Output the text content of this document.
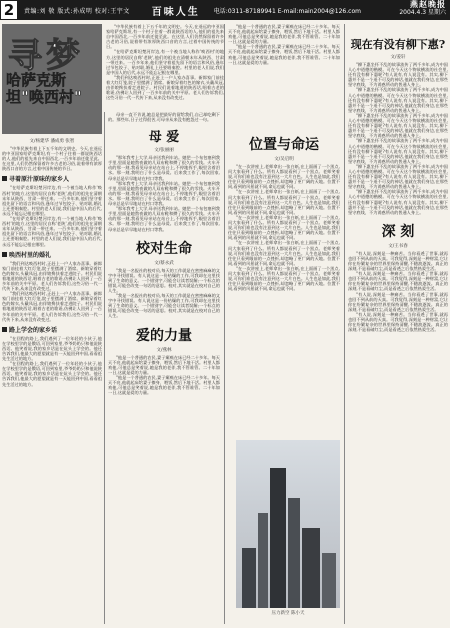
2	责编:刘 敬 版式:孙成明 校对:王宇文 百味人生 电话:0311-87189941 E-mail:main2004@126.com
燕赵晚报
2004.4.3 星期六
寻梦
哈萨克斯坦"唤西村"
文/杨建华 潘成勇 张智

"中华民族有着上下五千年的文明史。今天,在遥远的中亚国家哈萨克斯坦,有一个村子住着一群说陕西话的人,他们的祖先来自中国西北,一百多年前迁徙至此。在这里,人们仍然保留着许多古老的习俗,说着带有浓厚陕西口音的方言,过着中国传统的节日。

寻着原汁原味的家乡人

"在哈萨克斯坦楚河岸边,有一个被当地人称作'唤西村'的地方,这里的居民自称'老陕',他们的祖先在清朝末年从陕西、甘肃一带迁来。一百多年来,他们坚守着祖先留下的语言和风俗,逢年过节包饺子、贴对联,婚礼上还要唱秦腔。村里的老人们说,我们是中国人的后代,永远不能忘记根在哪里。

"在哈萨克斯坦楚河岸边,有一个被当地人称作'唤西村'的地方,这里的居民自称'老陕',他们的祖先在清朝末年从陕西、甘肃一带迁来。一百多年来,他们坚守着祖先留下的语言和风俗,逢年过节包饺子、贴对联,婚礼上还要唱秦腔。村里的老人们说,我们是中国人的后代,永远不能忘记根在哪里。

唤西村里的婚礼

"我们到达唤西村时,正赶上一户人家办喜事。新郎家门前挂着大红灯笼,院子里摆满了酒席。新娘穿着红色的嫁衣,头戴凤冠,由伴娘搀扶着走进院子。村民们说着地道的陕西话,唱着古老的歌谣,仿佛让人回到了一百多年前的关中平原。老人们告诉我们,这些习俗一代一代传下来,从来没有改变过。

"我们到达唤西村时,正赶上一户人家办喜事。新郎家门前挂着大红灯笼,院子里摆满了酒席。新娘穿着红色的嫁衣,头戴凤冠,由伴娘搀扶着走进院子。村民们说着地道的陕西话,唱着古老的歌谣,仿佛让人回到了一百多年前的关中平原。老人们告诉我们,这些习俗一代一代传下来,从来没有改变过。

路上学会的家乡话

"在回程的路上,我们遇到了一位年轻的小伙子,他在学校里学的是俄语,可回到家里,爷爷奶奶只和他说陕西话。他笑着说,我的家乡话是在炕头上学会的。他还告诉我们,他最大的愿望就是有一天能回到中国,看看祖先生活过的地方。

"在回程的路上,我们遇到了一位年轻的小伙子,他在学校里学的是俄语,可回到家里,爷爷奶奶只和他说陕西话。他笑着说,我的家乡话是在炕头上学会的。他还告诉我们,他最大的愿望就是有一天能回到中国,看看祖先生活过的地方。

"中华民族有着上下五千年的文明史。今天,在遥远的中亚国家哈萨克斯坦,有一个村子住着一群说陕西话的人,他们的祖先来自中国西北,一百多年前迁徙至此。在这里,人们仍然保留着许多古老的习俗,说着带有浓厚陕西口音的方言,过着中国传统的节日。

"在哈萨克斯坦楚河岸边,有一个被当地人称作'唤西村'的地方,这里的居民自称'老陕',他们的祖先在清朝末年从陕西、甘肃一带迁来。一百多年来,他们坚守着祖先留下的语言和风俗,逢年过节包饺子、贴对联,婚礼上还要唱秦腔。村里的老人们说,我们是中国人的后代,永远不能忘记根在哪里。

"我们到达唤西村时,正赶上一户人家办喜事。新郎家门前挂着大红灯笼,院子里摆满了酒席。新娘穿着红色的嫁衣,头戴凤冠,由伴娘搀扶着走进院子。村民们说着地道的陕西话,唱着古老的歌谣,仿佛让人回到了一百多年前的关中平原。老人们告诉我们,这些习俗一代一代传下来,从来没有改变过。

母亲一直不肯说,她总是把最好的留给我们,自己却吃剩下的。那些年,日子过得很苦,可母亲从来没有抱怨过一句。

母 爱
文/张丽丽

"那年我考上大学,母亲送我到车站。她把一个布包塞到我手里,里面是她熬夜做的几双布鞋和攒了很久的零钱。火车开动的那一刻,我看见母亲站在站台上,不停地挥手,眼里含着泪水。那一刻,我明白了什么是母爱。后来我工作了,每次回家,母亲总是早早地站在村口等我。

"那年我考上大学,母亲送我到车站。她把一个布包塞到我手里,里面是她熬夜做的几双布鞋和攒了很久的零钱。火车开动的那一刻,我看见母亲站在站台上,不停地挥手,眼里含着泪水。那一刻,我明白了什么是母爱。后来我工作了,每次回家,母亲总是早早地站在村口等我。

"那年我考上大学,母亲送我到车站。她把一个布包塞到我手里,里面是她熬夜做的几双布鞋和攒了很久的零钱。火车开动的那一刻,我看见母亲站在站台上,不停地挥手,眼里含着泪水。那一刻,我明白了什么是母爱。后来我工作了,每次回家,母亲总是早早地站在村口等我。

校对生命
文/蔡永武

"我是一名报社的校对员,每天的工作就是在密密麻麻的文字中寻找错误。有人说这是一份枯燥的工作,可我却在这里找到了生命的意义。一个错别字,可能会让读者误解;一个标点的错误,可能会改变一句话的意思。校对,其实就是在校对自己的人生。

"我是一名报社的校对员,每天的工作就是在密密麻麻的文字中寻找错误。有人说这是一份枯燥的工作,可我却在这里找到了生命的意义。一个错别字,可能会让读者误解;一个标点的错误,可能会改变一句话的意思。校对,其实就是在校对自己的人生。

爱的力量
文/燕林

"他是一个普通的农民,妻子瘫痪在床已经二十多年。每天天不亮,他就起床给妻子擦身、喂饭,然后下地干活。村里人都劝他,可他总是笑着说,她是我的老伴,我不管谁管。二十年如一日,这就是爱的力量。

"他是一个普通的农民,妻子瘫痪在床已经二十多年。每天天不亮,他就起床给妻子擦身、喂饭,然后下地干活。村里人都劝他,可他总是笑着说,她是我的老伴,我不管谁管。二十年如一日,这就是爱的力量。

"他是一个普通的农民,妻子瘫痪在床已经二十多年。每天天不亮,他就起床给妻子擦身、喂饭,然后下地干活。村里人都劝他,可他总是笑着说,她是我的老伴,我不管谁管。二十年如一日,这就是爱的力量。

"他是一个普通的农民,妻子瘫痪在床已经二十多年。每天天不亮,他就起床给妻子擦身、喂饭,然后下地干活。村里人都劝他,可他总是笑着说,她是我的老伴,我不管谁管。二十年如一日,这就是爱的力量。

位置与命运
文/吴启明

"在一次讲座上,老师拿出一张白纸,在上面画了一个黑点,问大家看到了什么。所有人都说看到了一个黑点。老师笑着说,可你们谁也没有注意到这一大片白色。人生也是如此,我们往往只看到眼前的一点挫折,却忽略了更广阔的天地。位置不同,看到的风景就不同,命运也就不同。

"在一次讲座上,老师拿出一张白纸,在上面画了一个黑点,问大家看到了什么。所有人都说看到了一个黑点。老师笑着说,可你们谁也没有注意到这一大片白色。人生也是如此,我们往往只看到眼前的一点挫折,却忽略了更广阔的天地。位置不同,看到的风景就不同,命运也就不同。

"在一次讲座上,老师拿出一张白纸,在上面画了一个黑点,问大家看到了什么。所有人都说看到了一个黑点。老师笑着说,可你们谁也没有注意到这一大片白色。人生也是如此,我们往往只看到眼前的一点挫折,却忽略了更广阔的天地。位置不同,看到的风景就不同,命运也就不同。

"在一次讲座上,老师拿出一张白纸,在上面画了一个黑点,问大家看到了什么。所有人都说看到了一个黑点。老师笑着说,可你们谁也没有注意到这一大片白色。人生也是如此,我们往往只看到眼前的一点挫折,却忽略了更广阔的天地。位置不同,看到的风景就不同,命运也就不同。

"在一次讲座上,老师拿出一张白纸,在上面画了一个黑点,问大家看到了什么。所有人都说看到了一个黑点。老师笑着说,可你们谁也没有注意到这一大片白色。人生也是如此,我们往往只看到眼前的一点挫折,却忽略了更广阔的天地。位置不同,看到的风景就不同,命运也就不同。

压力新空 陈小天
现在有没有柳下惠?
文/姜轩

"柳下惠坐怀不乱的故事流传了两千多年,成为中国人心中道德的楷模。可在今天这个物欲横流的社会里,还有没有柳下惠呢?有人说有,有人说没有。其实,柳下惠并不是一个遥不可及的神话,他就在我们身边,在那些坚守底线、不为诱惑所动的普通人身上。

"柳下惠坐怀不乱的故事流传了两千多年,成为中国人心中道德的楷模。可在今天这个物欲横流的社会里,还有没有柳下惠呢?有人说有,有人说没有。其实,柳下惠并不是一个遥不可及的神话,他就在我们身边,在那些坚守底线、不为诱惑所动的普通人身上。

"柳下惠坐怀不乱的故事流传了两千多年,成为中国人心中道德的楷模。可在今天这个物欲横流的社会里,还有没有柳下惠呢?有人说有,有人说没有。其实,柳下惠并不是一个遥不可及的神话,他就在我们身边,在那些坚守底线、不为诱惑所动的普通人身上。

"柳下惠坐怀不乱的故事流传了两千多年,成为中国人心中道德的楷模。可在今天这个物欲横流的社会里,还有没有柳下惠呢?有人说有,有人说没有。其实,柳下惠并不是一个遥不可及的神话,他就在我们身边,在那些坚守底线、不为诱惑所动的普通人身上。

"柳下惠坐怀不乱的故事流传了两千多年,成为中国人心中道德的楷模。可在今天这个物欲横流的社会里,还有没有柳下惠呢?有人说有,有人说没有。其实,柳下惠并不是一个遥不可及的神话,他就在我们身边,在那些坚守底线、不为诱惑所动的普通人身上。

"柳下惠坐怀不乱的故事流传了两千多年,成为中国人心中道德的楷模。可在今天这个物欲横流的社会里,还有没有柳下惠呢?有人说有,有人说没有。其实,柳下惠并不是一个遥不可及的神话,他就在我们身边,在那些坚守底线、不为诱惑所动的普通人身上。

深 刻
文/王书春

"有人说,深刻是一种痛苦。当你看透了世事,就再也回不到从前的天真。可我觉得,深刻是一种财富,它让你在纷繁复杂的世界里保持清醒,不随波逐流。真正的深刻,不是看破红尘,而是看透之后依然热爱生活。

"有人说,深刻是一种痛苦。当你看透了世事,就再也回不到从前的天真。可我觉得,深刻是一种财富,它让你在纷繁复杂的世界里保持清醒,不随波逐流。真正的深刻,不是看破红尘,而是看透之后依然热爱生活。

"有人说,深刻是一种痛苦。当你看透了世事,就再也回不到从前的天真。可我觉得,深刻是一种财富,它让你在纷繁复杂的世界里保持清醒,不随波逐流。真正的深刻,不是看破红尘,而是看透之后依然热爱生活。

"有人说,深刻是一种痛苦。当你看透了世事,就再也回不到从前的天真。可我觉得,深刻是一种财富,它让你在纷繁复杂的世界里保持清醒,不随波逐流。真正的深刻,不是看破红尘,而是看透之后依然热爱生活。
